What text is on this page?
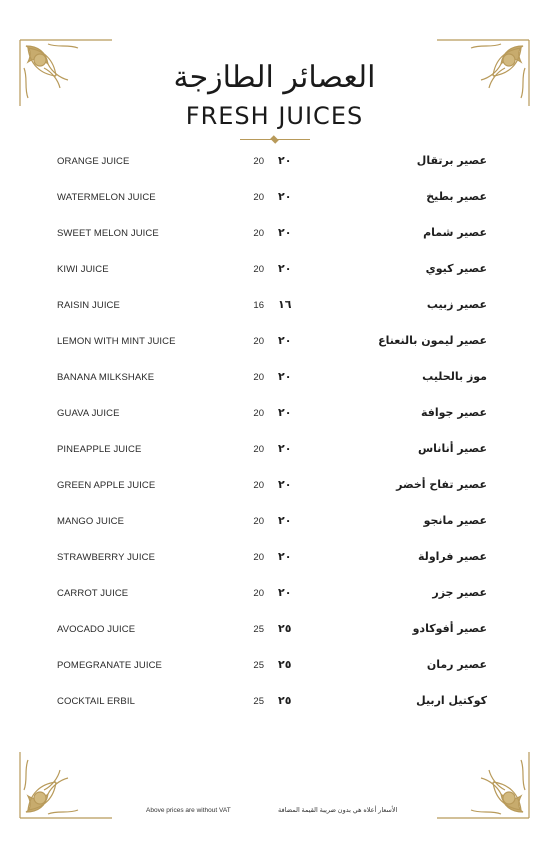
العصائر الطازجة
FRESH JUICES
ORANGE JUICE	20 ٢٠	عصير برتقال
WATERMELON JUICE	20 ٢٠	عصير بطيخ
SWEET MELON JUICE	20 ٢٠	عصير شمام
KIWI JUICE	20 ٢٠	عصير كيوي
RAISIN JUICE	16 ١٦	عصير زبيب
LEMON WITH MINT JUICE	20 ٢٠	عصير ليمون بالنعناع
BANANA MILKSHAKE	20 ٢٠	موز بالحليب
GUAVA JUICE	20 ٢٠	عصير جوافة
PINEAPPLE JUICE	20 ٢٠	عصير أناناس
GREEN APPLE JUICE	20 ٢٠	عصير تفاح أخضر
MANGO JUICE	20 ٢٠	عصير مانجو
STRAWBERRY JUICE	20 ٢٠	عصير فراولة
CARROT JUICE	20 ٢٠	عصير جزر
AVOCADO JUICE	25 ٢٥	عصير أفوكادو
POMEGRANATE JUICE	25 ٢٥	عصير رمان
COCKTAIL ERBIL	25 ٢٥	كوكتيل اربيل
Above prices are without VAT	الأسعار أعلاه هي بدون ضريبة القيمة المضافة
